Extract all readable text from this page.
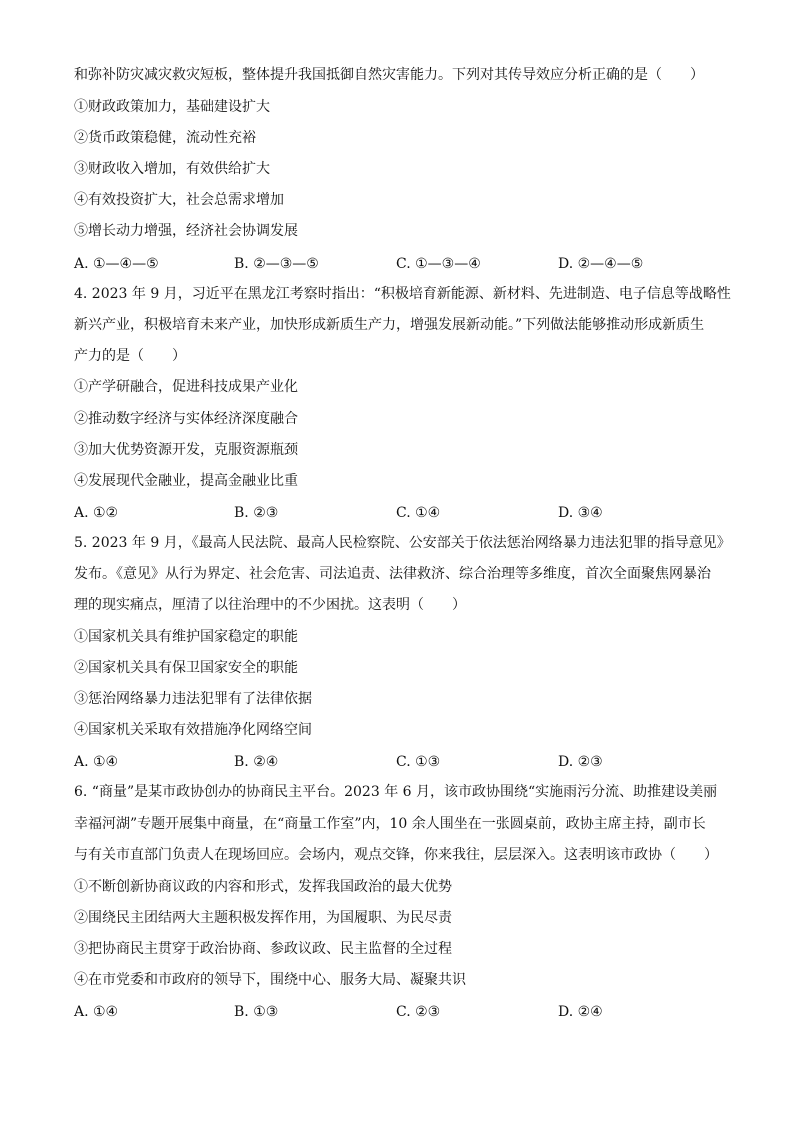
和弥补防灾减灾救灾短板，整体提升我国抵御自然灾害能力。下列对其传导效应分析正确的是（　　）
①财政政策加力，基础建设扩大
②货币政策稳健，流动性充裕
③财政收入增加，有效供给扩大
④有效投资扩大，社会总需求增加
⑤增长动力增强，经济社会协调发展
A. ①—④—⑤	B. ②—③—⑤	C. ①—③—④	D. ②—④—⑤
4. 2023 年 9 月，习近平在黑龙江考察时指出：“积极培育新能源、新材料、先进制造、电子信息等战略性
新兴产业，积极培育未来产业，加快形成新质生产力，增强发展新动能。”下列做法能够推动形成新质生
产力的是（　　）
①产学研融合，促进科技成果产业化
②推动数字经济与实体经济深度融合
③加大优势资源开发，克服资源瓶颈
④发展现代金融业，提高金融业比重
A. ①②	B. ②③	C. ①④	D. ③④
5. 2023 年 9 月，《最高人民法院、最高人民检察院、公安部关于依法惩治网络暴力违法犯罪的指导意见》
发布。《意见》从行为界定、社会危害、司法追责、法律救济、综合治理等多维度，首次全面聚焦网暴治
理的现实痛点，厘清了以往治理中的不少困扰。这表明（　　）
①国家机关具有维护国家稳定的职能
②国家机关具有保卫国家安全的职能
③惩治网络暴力违法犯罪有了法律依据
④国家机关采取有效措施净化网络空间
A. ①④	B. ②④	C. ①③	D. ②③
6. “商量”是某市政协创办的协商民主平台。2023 年 6 月，该市政协围绕“实施雨污分流、助推建设美丽
幸福河湖”专题开展集中商量，在“商量工作室”内，10 余人围坐在一张圆桌前，政协主席主持，副市长
与有关市直部门负责人在现场回应。会场内，观点交锋，你来我往，层层深入。这表明该市政协（　　）
①不断创新协商议政的内容和形式，发挥我国政治的最大优势
②围绕民主团结两大主题积极发挥作用，为国履职、为民尽责
③把协商民主贯穿于政治协商、参政议政、民主监督的全过程
④在市党委和市政府的领导下，围绕中心、服务大局、凝聚共识
A. ①④	B. ①③	C. ②③	D. ②④
